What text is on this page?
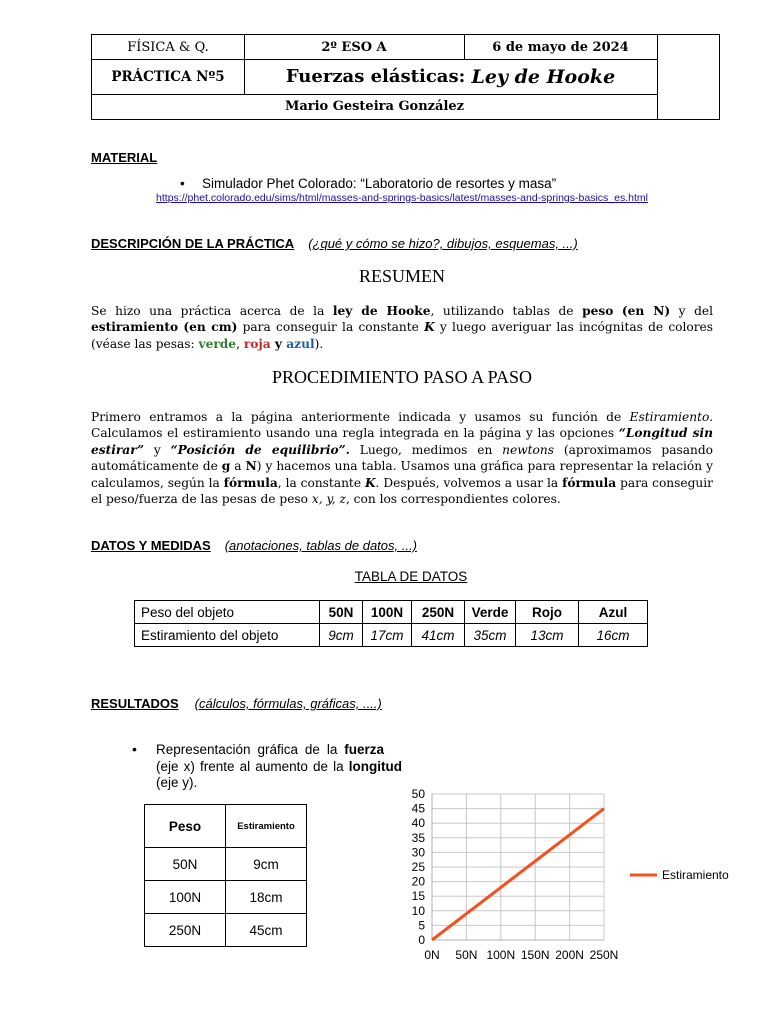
FÍSICA & Q.	2º ESO A	6 de mayo de 2024
PRÁCTICA Nº5	Fuerzas elásticas: Ley de Hooke
Mario Gesteira González
MATERIAL
• Simulador Phet Colorado: “Laboratorio de resortes y masa”
https://phet.colorado.edu/sims/html/masses-and-springs-basics/latest/masses-and-springs-basics_es.html
DESCRIPCIÓN DE LA PRÁCTICA (¿qué y cómo se hizo?, dibujos, esquemas, ...)
RESUMEN
Se hizo una práctica acerca de la ley de Hooke, utilizando tablas de peso (en N) y del estiramiento (en cm) para conseguir la constante K y luego averiguar las incógnitas de colores (véase las pesas: verde, roja y azul).
PROCEDIMIENTO PASO A PASO
Primero entramos a la página anteriormente indicada y usamos su función de Estiramiento. Calculamos el estiramiento usando una regla integrada en la página y las opciones “Longitud sin estirar” y “Posición de equilibrio”. Luego, medimos en newtons (aproximamos pasando automáticamente de g a N) y hacemos una tabla. Usamos una gráfica para representar la relación y calculamos, según la fórmula, la constante K. Después, volvemos a usar la fórmula para conseguir el peso/fuerza de las pesas de peso x, y, z, con los correspondientes colores.
DATOS Y MEDIDAS (anotaciones, tablas de datos, ...)
TABLA DE DATOS
Peso del objeto	50N	100N	250N	Verde	Rojo	Azul
Estiramiento del objeto	9cm	17cm	41cm	35cm	13cm	16cm
RESULTADOS (cálculos, fórmulas, gráficas, ....)
• Representación gráfica de la fuerza (eje x) frente al aumento de la longitud (eje y).
Peso	Estiramiento
50N	9cm
100N	18cm
250N	45cm
0
5
10
15
20
25
30
35
40
45
50
0N 50N 100N 150N 200N 250N
Estiramiento
